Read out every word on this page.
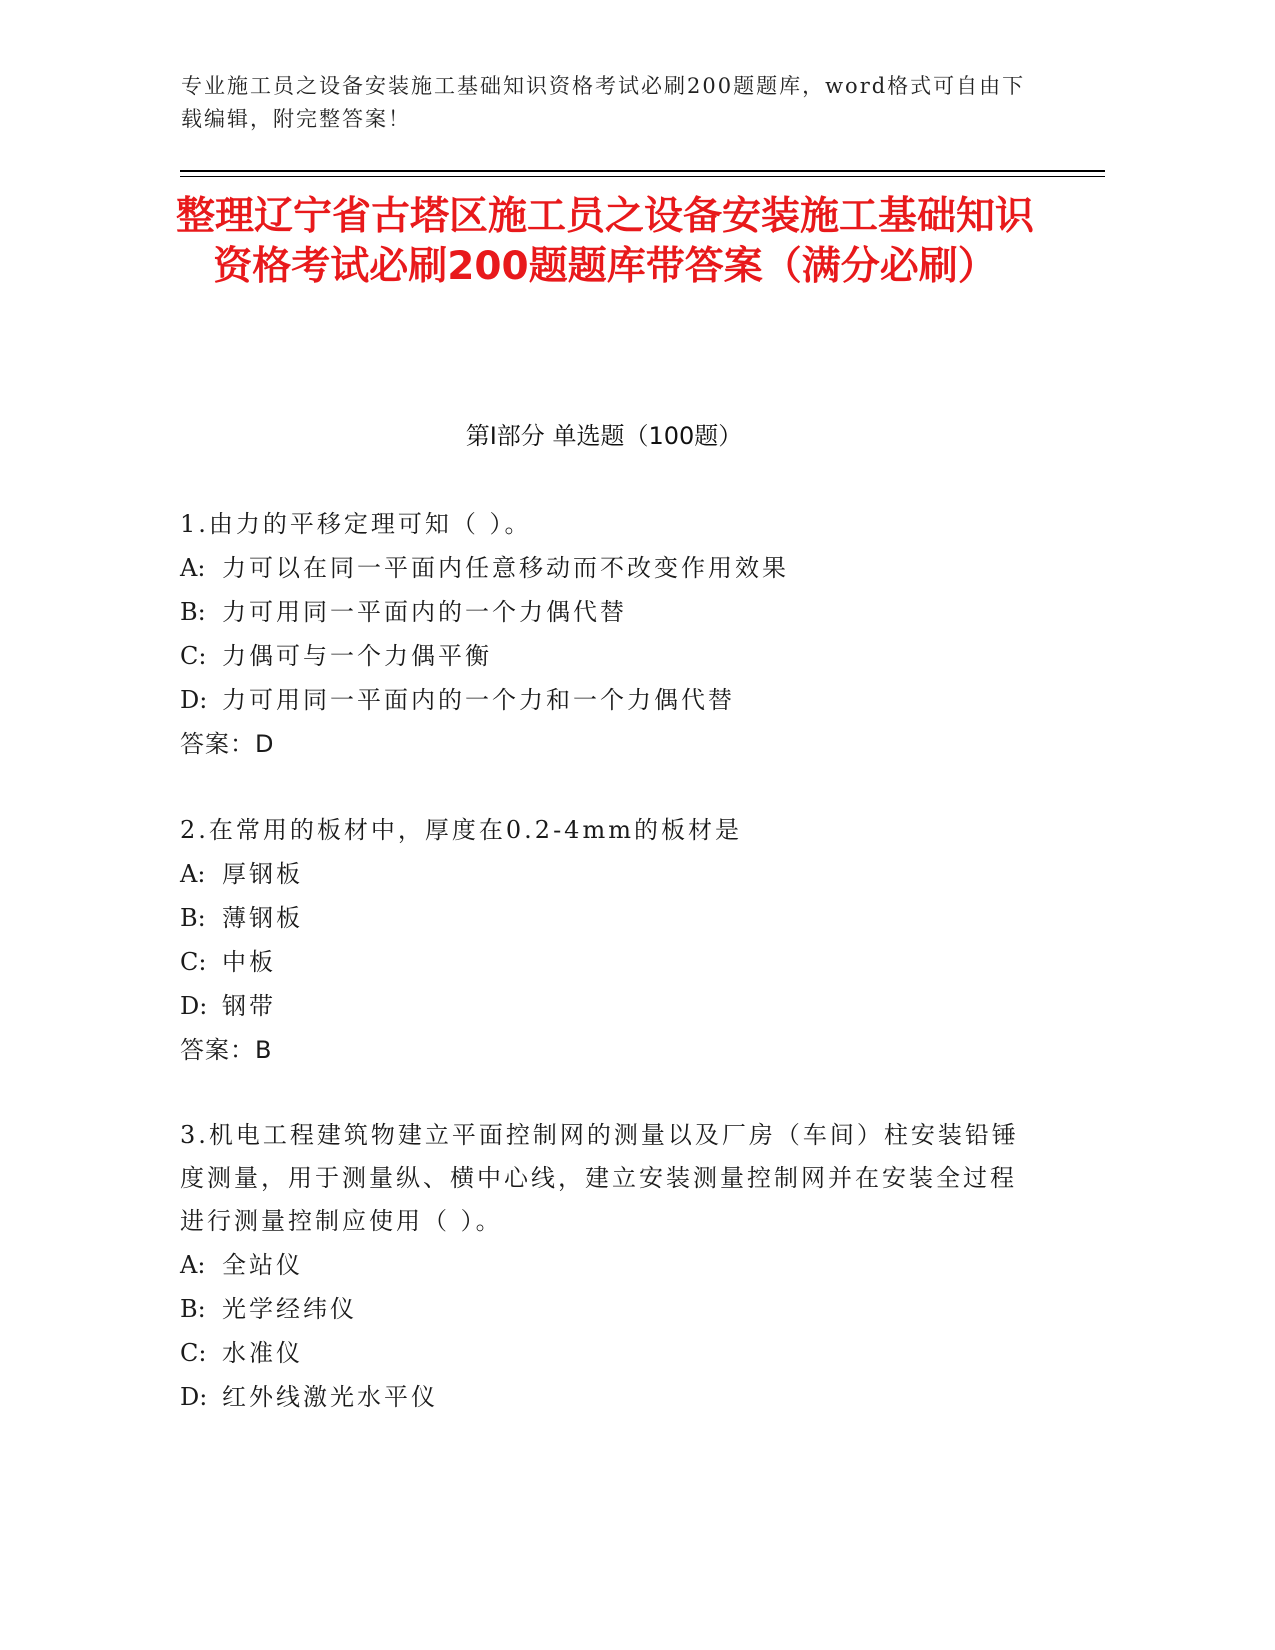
专业施工员之设备安装施工基础知识资格考试必刷200题题库，word格式可自由下载编辑，附完整答案！
整理辽宁省古塔区施工员之设备安装施工基础知识资格考试必刷200题题库带答案（满分必刷）
第Ⅰ部分 单选题（100题）
1.由力的平移定理可知（ ）。
A: 力可以在同一平面内任意移动而不改变作用效果
B: 力可用同一平面内的一个力偶代替
C: 力偶可与一个力偶平衡
D: 力可用同一平面内的一个力和一个力偶代替
答案：D
2.在常用的板材中，厚度在0.2-4mm的板材是
A: 厚钢板
B: 薄钢板
C: 中板
D: 钢带
答案：B
3.机电工程建筑物建立平面控制网的测量以及厂房（车间）柱安装铅锤度测量，用于测量纵、横中心线，建立安装测量控制网并在安装全过程进行测量控制应使用（ ）。
A: 全站仪
B: 光学经纬仪
C: 水准仪
D: 红外线激光水平仪
